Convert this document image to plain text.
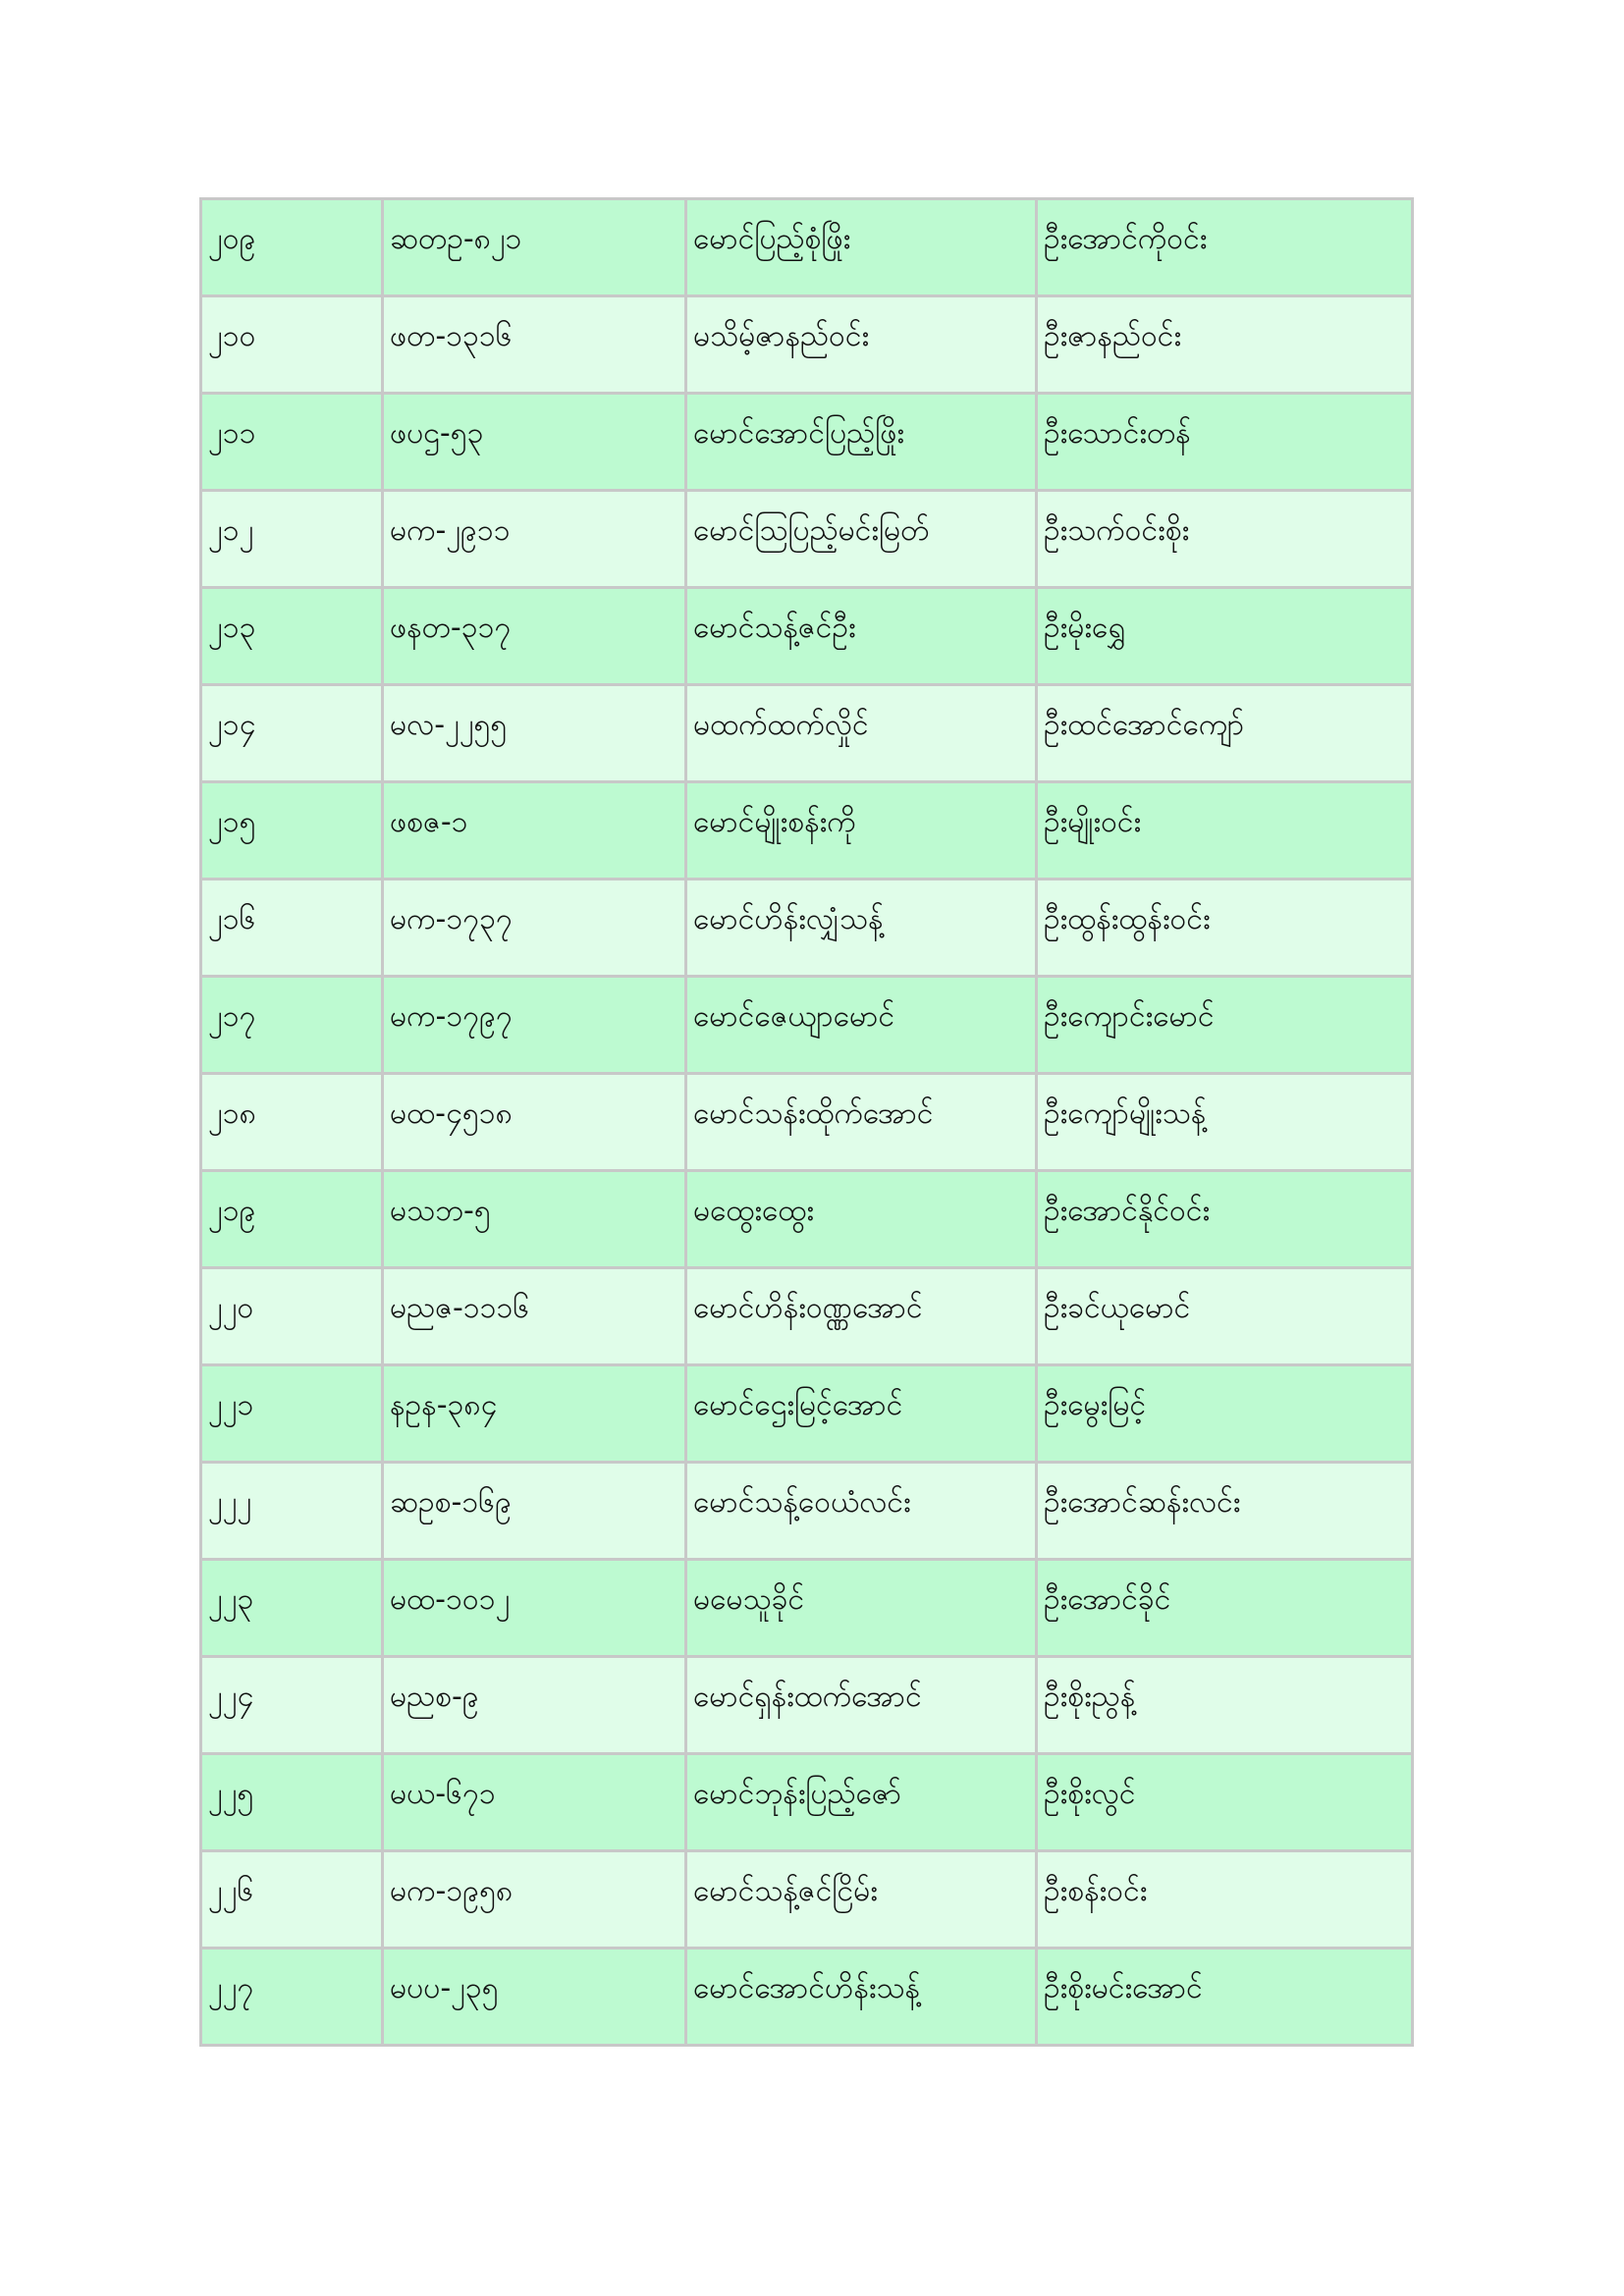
၂၀၉	ဆတဥ-၈၂၁	မောင်ပြည့်စုံဖြိုး	ဦးအောင်ကိုဝင်း
၂၁၀	ဖတ-၁၃၁၆	မသိမ့်ဇာနည်ဝင်း	ဦးဇာနည်ဝင်း
၂၁၁	ဖပဌ-၅၃	မောင်အောင်ပြည့်ဖြိုး	ဦးသောင်းတန်
၂၁၂	မက-၂၉၁၁	မောင်သြပြည့်မင်းမြတ်	ဦးသက်ဝင်းစိုး
၂၁၃	ဖနတ-၃၁၇	မောင်သန့်ဇင်ဦး	ဦးမိုးရွှေ
၂၁၄	မလ-၂၂၅၅	မထက်ထက်လှိုင်	ဦးထင်အောင်ကျော်
၂၁၅	ဖစဇ-၁	မောင်မျိုးစန်းကို	ဦးမျိုးဝင်း
၂၁၆	မက-၁၇၃၇	မောင်ဟိန်းလျှံသန့်	ဦးထွန်းထွန်းဝင်း
၂၁၇	မက-၁၇၉၇	မောင်ဇေယျာမောင်	ဦးကျောင်းမောင်
၂၁၈	မထ-၄၅၁၈	မောင်သန်းထိုက်အောင်	ဦးကျော်မျိုးသန့်
၂၁၉	မသဘ-၅	မထွေးထွေး	ဦးအောင်နိုင်ဝင်း
၂၂၀	မညဇ-၁၁၁၆	မောင်ဟိန်းဝဏ္ဏအောင်	ဦးခင်ယုမောင်
၂၂၁	နဥန-၃၈၄	မောင်ဌေးမြင့်အောင်	ဦးမွေးမြင့်
၂၂၂	ဆဥစ-၁၆၉	မောင်သန့်ဝေယံလင်း	ဦးအောင်ဆန်းလင်း
၂၂၃	မထ-၁၀၁၂	မမေသူခိုင်	ဦးအောင်ခိုင်
၂၂၄	မညစ-၉	မောင်ရှန်းထက်အောင်	ဦးစိုးညွန့်
၂၂၅	မယ-၆၇၁	မောင်ဘုန်းပြည့်ဇော်	ဦးစိုးလွင်
၂၂၆	မက-၁၉၅၈	မောင်သန့်ဇင်ငြိမ်း	ဦးစန်းဝင်း
၂၂၇	မပပ-၂၃၅	မောင်အောင်ဟိန်းသန့်	ဦးစိုးမင်းအောင်
